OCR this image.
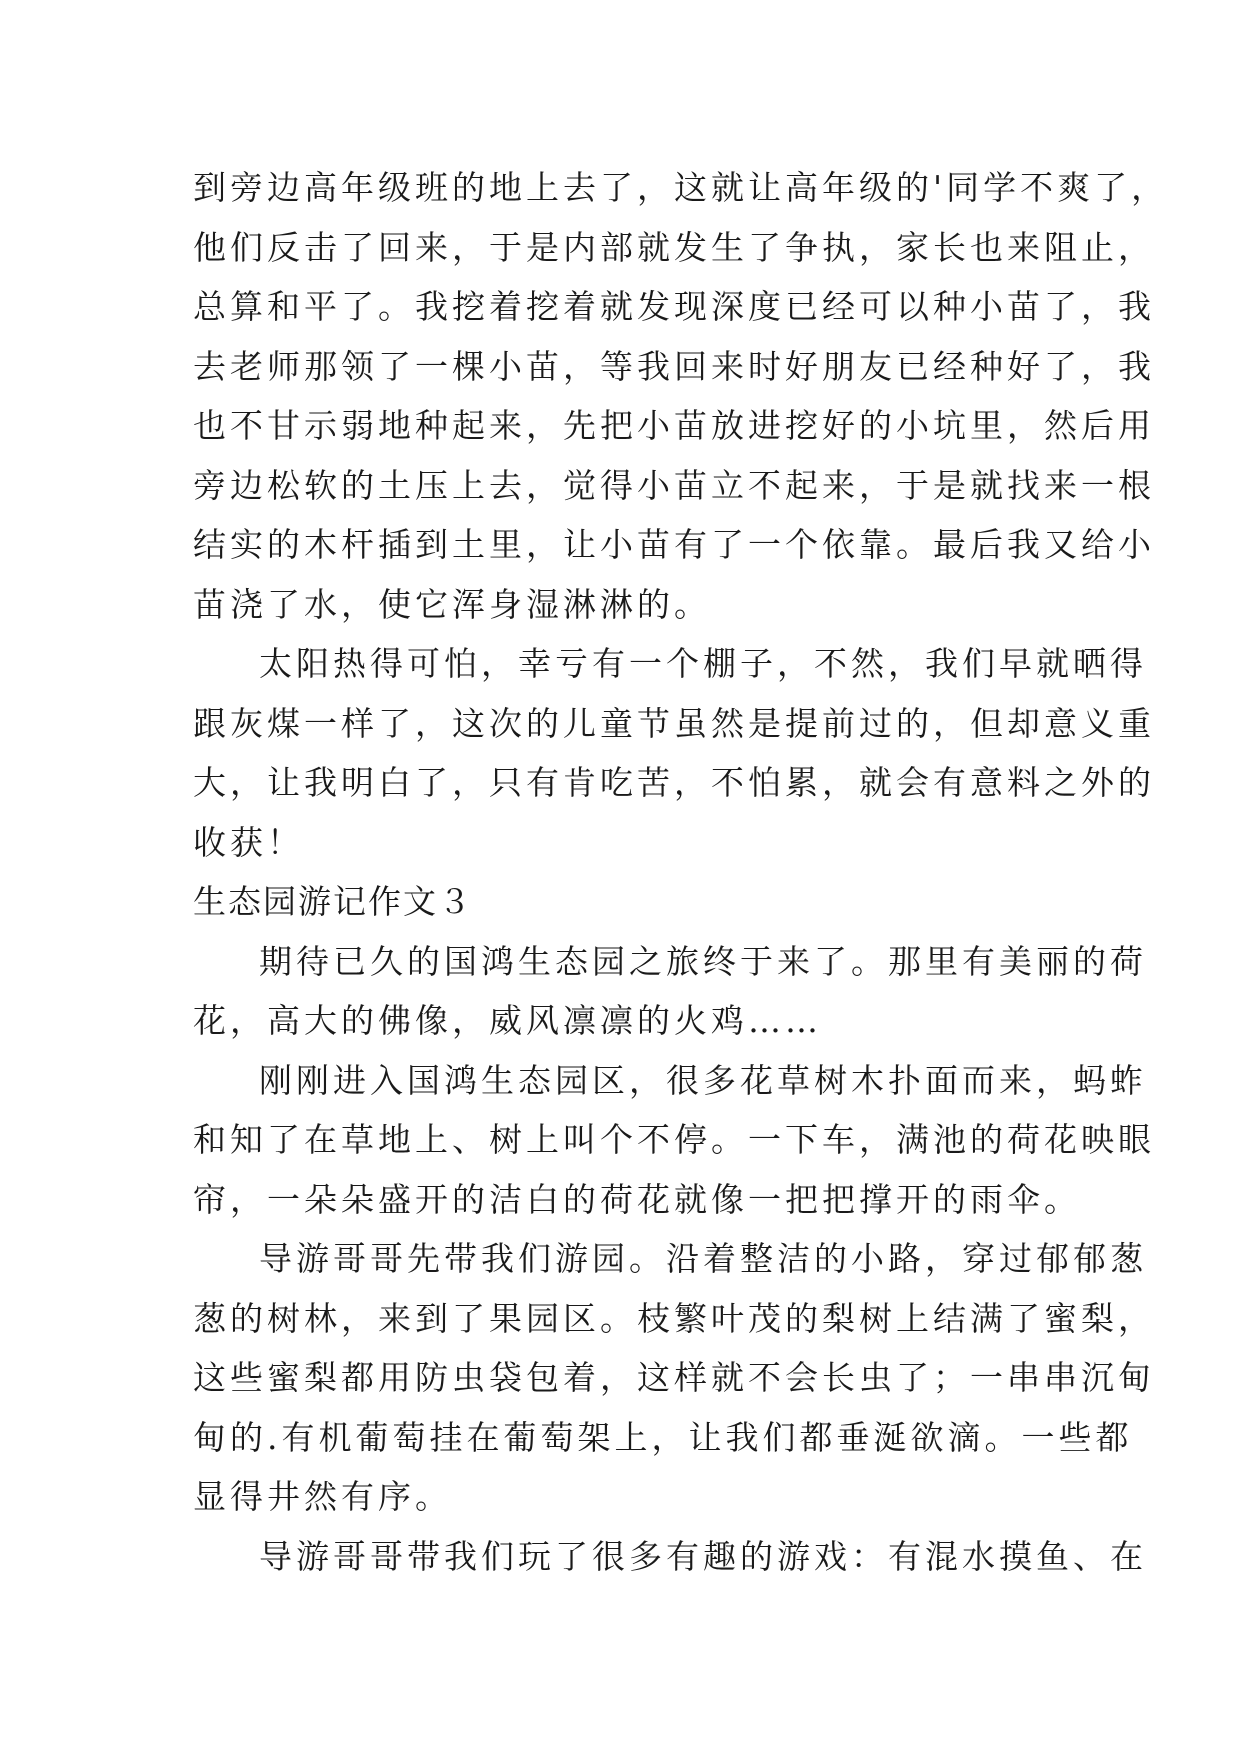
到旁边高年级班的地上去了，这就让高年级的'同学不爽了，
他们反击了回来，于是内部就发生了争执，家长也来阻止，
总算和平了。我挖着挖着就发现深度已经可以种小苗了，我
去老师那领了一棵小苗，等我回来时好朋友已经种好了，我
也不甘示弱地种起来，先把小苗放进挖好的小坑里，然后用
旁边松软的土压上去，觉得小苗立不起来，于是就找来一根
结实的木杆插到土里，让小苗有了一个依靠。最后我又给小
苗浇了水，使它浑身湿淋淋的。
太阳热得可怕，幸亏有一个棚子，不然，我们早就晒得
跟灰煤一样了，这次的儿童节虽然是提前过的，但却意义重
大，让我明白了，只有肯吃苦，不怕累，就会有意料之外的
收获！
生态园游记作文３
期待已久的国鸿生态园之旅终于来了。那里有美丽的荷
花，高大的佛像，威风凛凛的火鸡……
刚刚进入国鸿生态园区，很多花草树木扑面而来，蚂蚱
和知了在草地上、树上叫个不停。一下车，满池的荷花映眼
帘，一朵朵盛开的洁白的荷花就像一把把撑开的雨伞。
导游哥哥先带我们游园。沿着整洁的小路，穿过郁郁葱
葱的树林，来到了果园区。枝繁叶茂的梨树上结满了蜜梨，
这些蜜梨都用防虫袋包着，这样就不会长虫了；一串串沉甸
甸的.有机葡萄挂在葡萄架上，让我们都垂涎欲滴。一些都
显得井然有序。
导游哥哥带我们玩了很多有趣的游戏：有混水摸鱼、在
